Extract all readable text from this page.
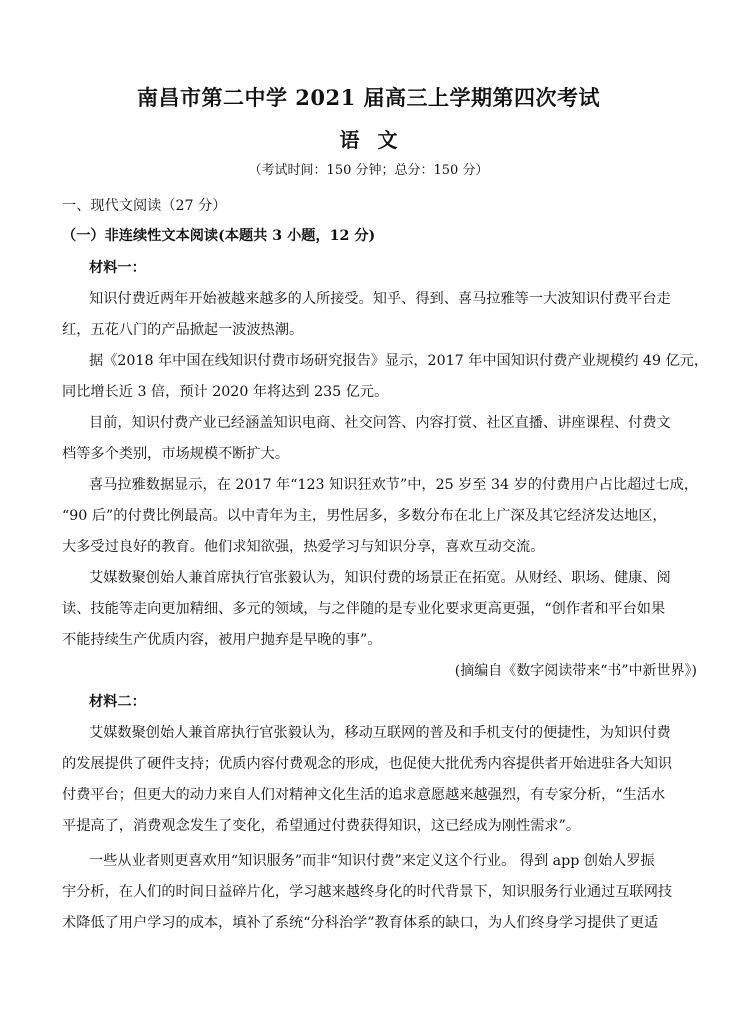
南昌市第二中学 2021 届高三上学期第四次考试
语文
（考试时间：150 分钟；总分：150 分）
一、现代文阅读（27 分）
（一）非连续性文本阅读(本题共 3 小题，12 分)
材料一：
知识付费近两年开始被越来越多的人所接受。知乎、得到、喜马拉雅等一大波知识付费平台走
红，五花八门的产品掀起一波波热潮。
据《2018 年中国在线知识付费市场研究报告》显示，2017 年中国知识付费产业规模约 49 亿元，
同比增长近 3 倍，预计 2020 年将达到 235 亿元。
目前，知识付费产业已经涵盖知识电商、社交问答、内容打赏、社区直播、讲座课程、付费文
档等多个类别，市场规模不断扩大。
喜马拉雅数据显示，在 2017 年“123 知识狂欢节”中，25 岁至 34 岁的付费用户占比超过七成，
“90 后”的付费比例最高。以中青年为主，男性居多，多数分布在北上广深及其它经济发达地区，
大多受过良好的教育。他们求知欲强，热爱学习与知识分享，喜欢互动交流。
艾媒数聚创始人兼首席执行官张毅认为，知识付费的场景正在拓宽。从财经、职场、健康、阅
读、技能等走向更加精细、多元的领域，与之伴随的是专业化要求更高更强，“创作者和平台如果
不能持续生产优质内容，被用户抛弃是早晚的事”。
(摘编自《数字阅读带来“书”中新世界》)
材料二：
艾媒数聚创始人兼首席执行官张毅认为，移动互联网的普及和手机支付的便捷性，为知识付费
的发展提供了硬件支持；优质内容付费观念的形成，也促使大批优秀内容提供者开始进驻各大知识
付费平台；但更大的动力来自人们对精神文化生活的追求意愿越来越强烈，有专家分析，“生活水
平提高了，消费观念发生了变化，希望通过付费获得知识，这已经成为刚性需求”。
一些从业者则更喜欢用“知识服务”而非“知识付费”来定义这个行业。 得到 app 创始人罗振
宇分析，在人们的时间日益碎片化，学习越来越终身化的时代背景下，知识服务行业通过互联网技
术降低了用户学习的成本，填补了系统“分科治学”教育体系的缺口，为人们终身学习提供了更适
